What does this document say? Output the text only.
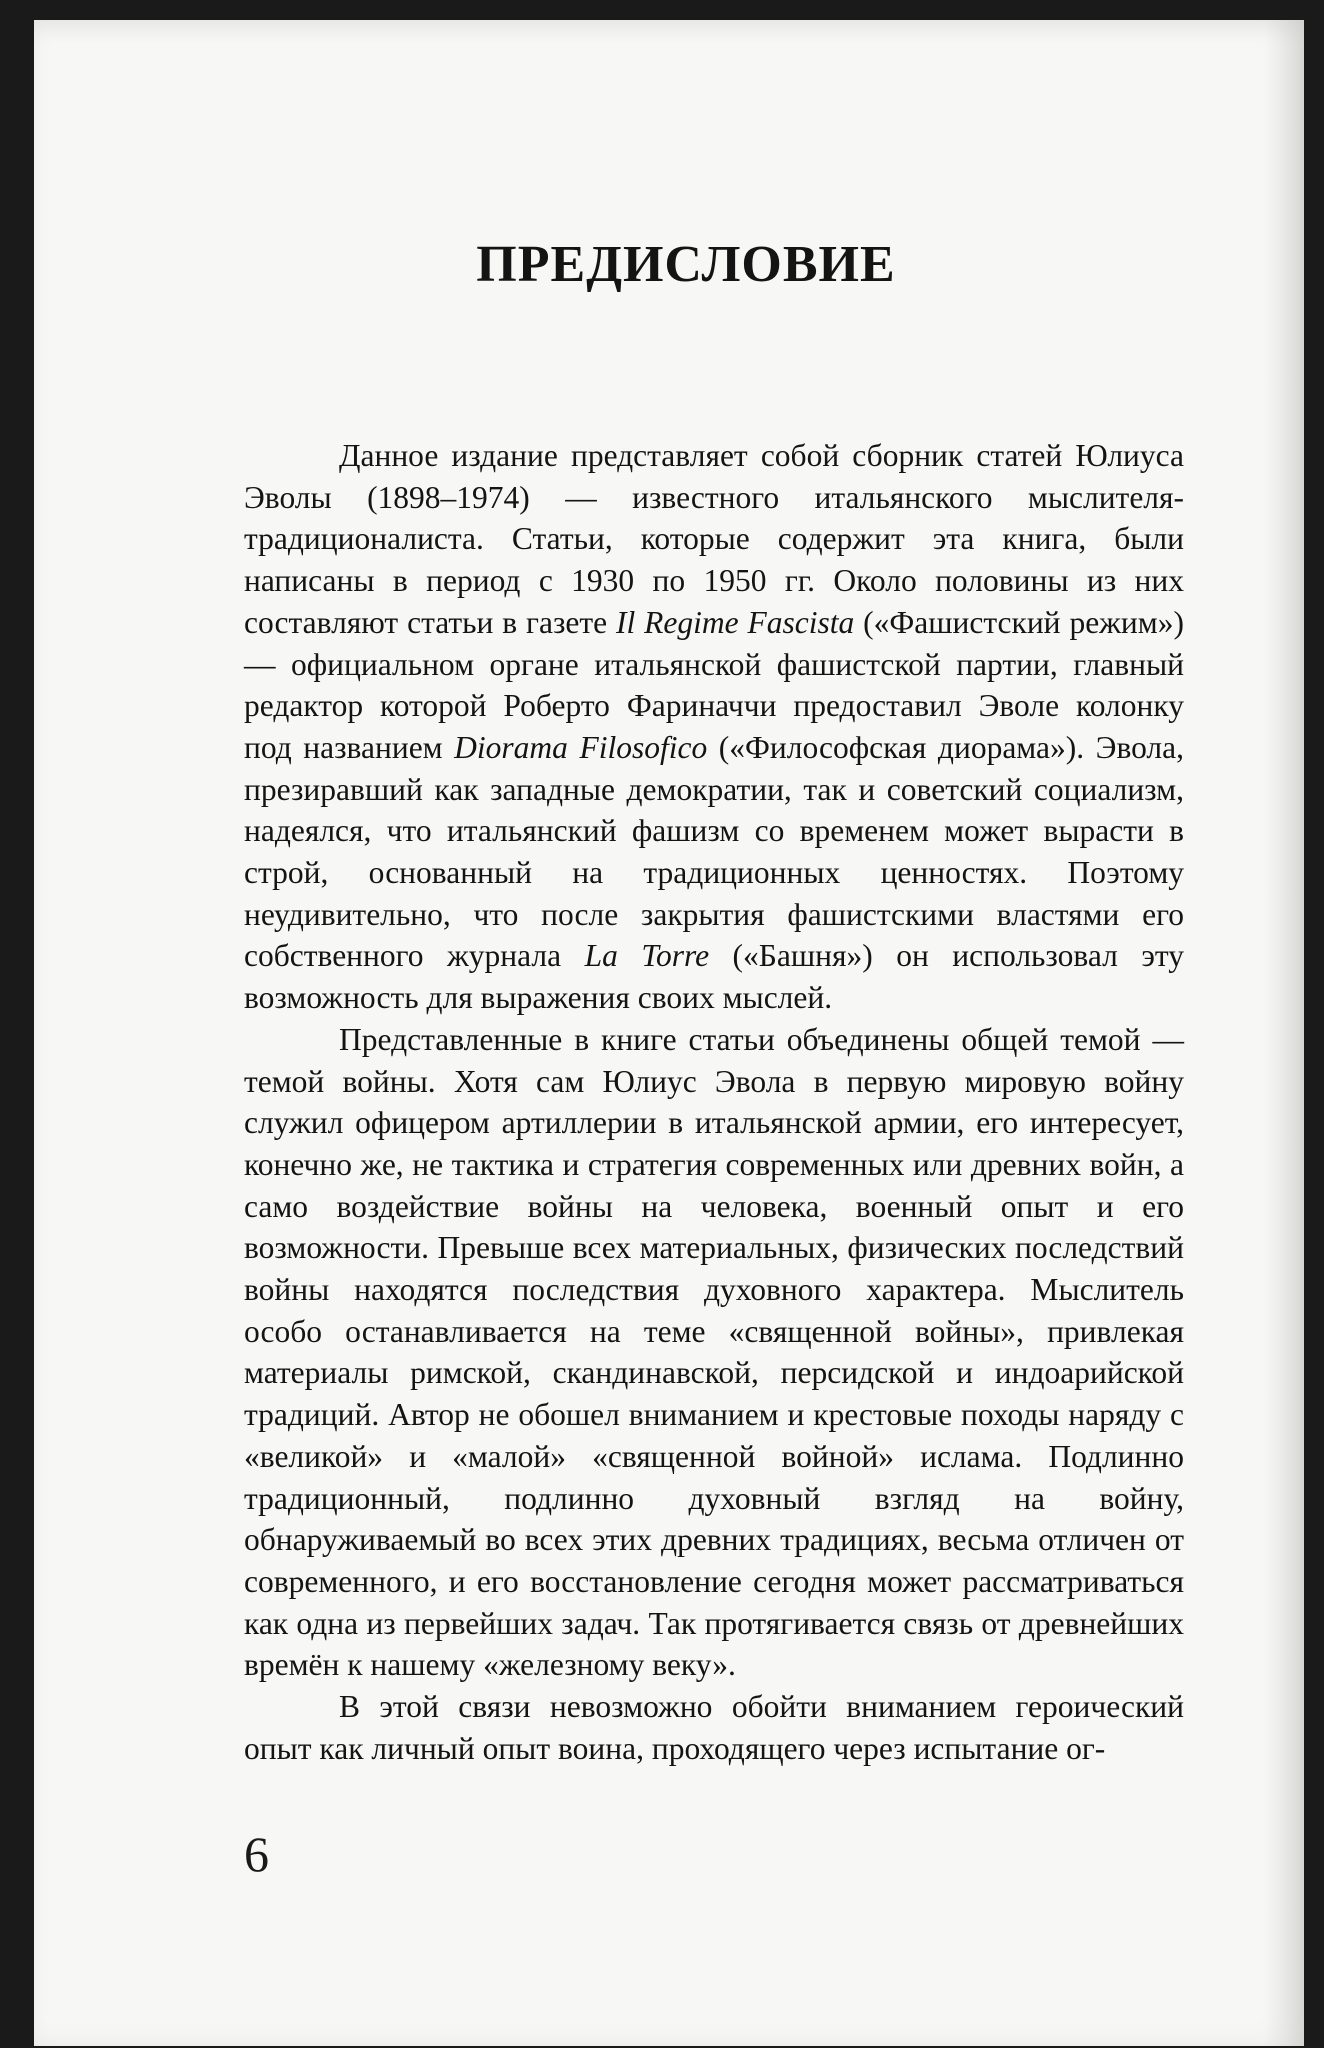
ПРЕДИСЛОВИЕ

Данное издание представляет собой сборник статей Юлиуса Эволы (1898–1974) — известного итальянского мыслителя-традиционалиста. Статьи, которые содержит эта книга, были написаны в период с 1930 по 1950 гг. Около половины из них составляют статьи в газете Il Regime Fascista («Фашистский режим») — официальном органе итальянской фашистской партии, главный редактор которой Роберто Фариначчи предоставил Эволе колонку под названием Diorama Filosofico («Философская диорама»). Эвола, презиравший как западные демократии, так и советский социализм, надеялся, что итальянский фашизм со временем может вырасти в строй, основанный на традиционных ценностях. Поэтому неудивительно, что после закрытия фашистскими властями его собственного журнала La Torre («Башня») он использовал эту возможность для выражения своих мыслей.

Представленные в книге статьи объединены общей темой — темой войны. Хотя сам Юлиус Эвола в первую мировую войну служил офицером артиллерии в итальянской армии, его интересует, конечно же, не тактика и стратегия современных или древних войн, а само воздействие войны на человека, военный опыт и его возможности. Превыше всех материальных, физических последствий войны находятся последствия духовного характера. Мыслитель особо останавливается на теме «священной войны», привлекая материалы римской, скандинавской, персидской и индоарийской традиций. Автор не обошел вниманием и крестовые походы наряду с «великой» и «малой» «священной войной» ислама. Подлинно традиционный, подлинно духовный взгляд на войну, обнаруживаемый во всех этих древних традициях, весьма отличен от современного, и его восстановление сегодня может рассматриваться как одна из первейших задач. Так протягивается связь от древнейших времён к нашему «железному веку».

В этой связи невозможно обойти вниманием героический опыт как личный опыт воина, проходящего через испытание ог-

6
